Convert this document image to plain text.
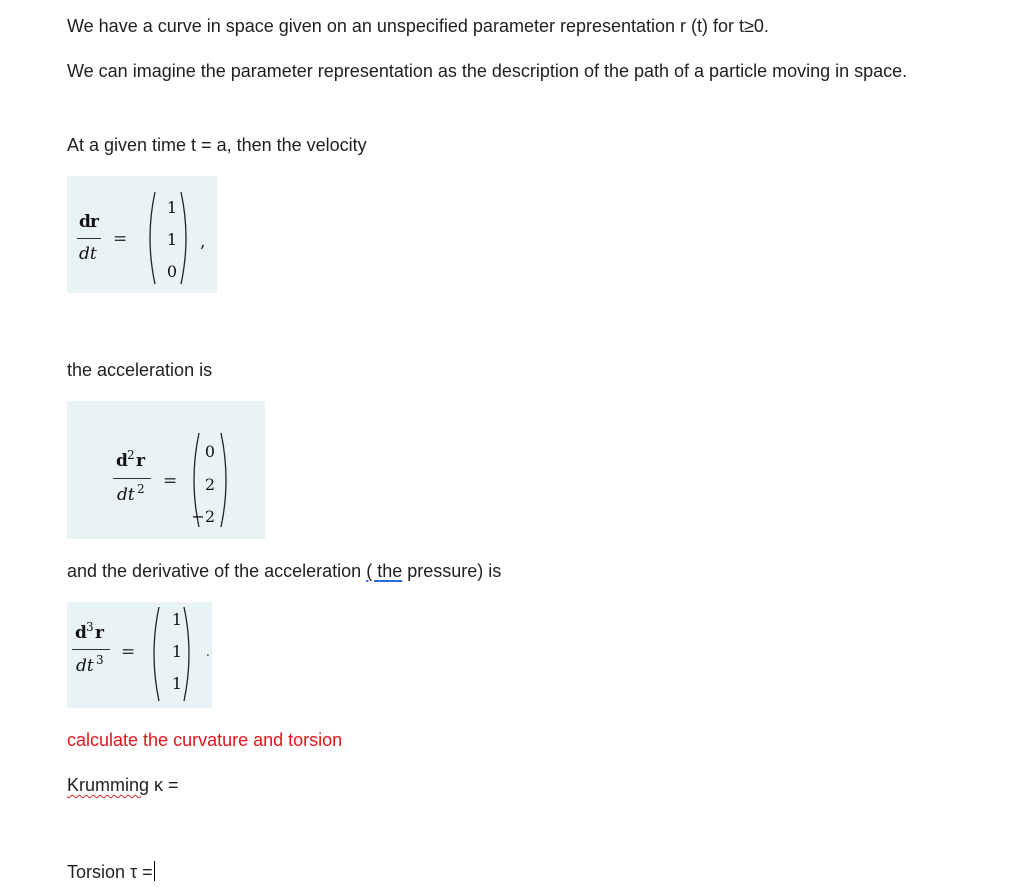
We have a curve in space given on an unspecified parameter representation r (t) for t≥0.

We can imagine the parameter representation as the description of the path of a particle moving in space.

At a given time t = a, then the velocity

d r
dt
=
1
1
0
,

the acceleration is

d 2 r
dt 2 =
0
2
−2

and the derivative of the acceleration ( the pressure) is

d 3 r
dt 3 =
1
1
1
.

calculate the curvature and torsion

Krumming κ =

Torsion τ =
